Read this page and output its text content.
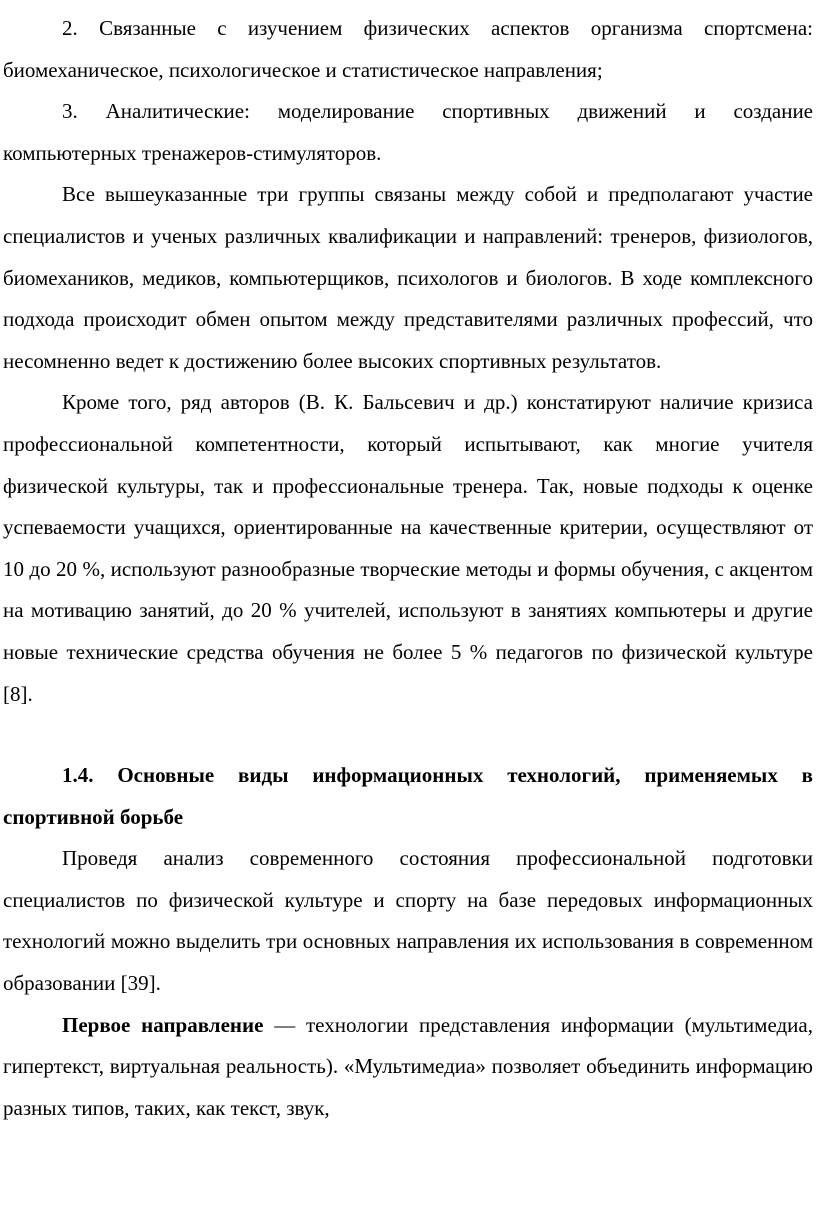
2. Связанные с изучением физических аспектов организма спортсмена: биомеханическое, психологическое и статистическое направления;

3. Аналитические: моделирование спортивных движений и создание компьютерных тренажеров-стимуляторов.

Все вышеуказанные три группы связаны между собой и предполагают участие специалистов и ученых различных квалификации и направлений: тренеров, физиологов, биомехаников, медиков, компьютерщиков, психологов и биологов. В ходе комплексного подхода происходит обмен опытом между представителями различных профессий, что несомненно ведет к достижению более высоких спортивных результатов.

Кроме того, ряд авторов (В. К. Бальсевич и др.) констатируют наличие кризиса профессиональной компетентности, который испытывают, как многие учителя физической культуры, так и профессиональные тренера. Так, новые подходы к оценке успеваемости учащихся, ориентированные на качественные критерии, осуществляют от 10 до 20 %, используют разнообразные творческие методы и формы обучения, с акцентом на мотивацию занятий, до 20 % учителей, используют в занятиях компьютеры и другие новые технические средства обучения не более 5 % педагогов по физической культуре [8].

1.4. Основные виды информационных технологий, применяемых в спортивной борьбе

Проведя анализ современного состояния профессиональной подготовки специалистов по физической культуре и спорту на базе передовых информационных технологий можно выделить три основных направления их использования в современном образовании [39].

Первое направление — технологии представления информации (мультимедиа, гипертекст, виртуальная реальность). «Мультимедиа» позволяет объединить информацию разных типов, таких, как текст, звук,
